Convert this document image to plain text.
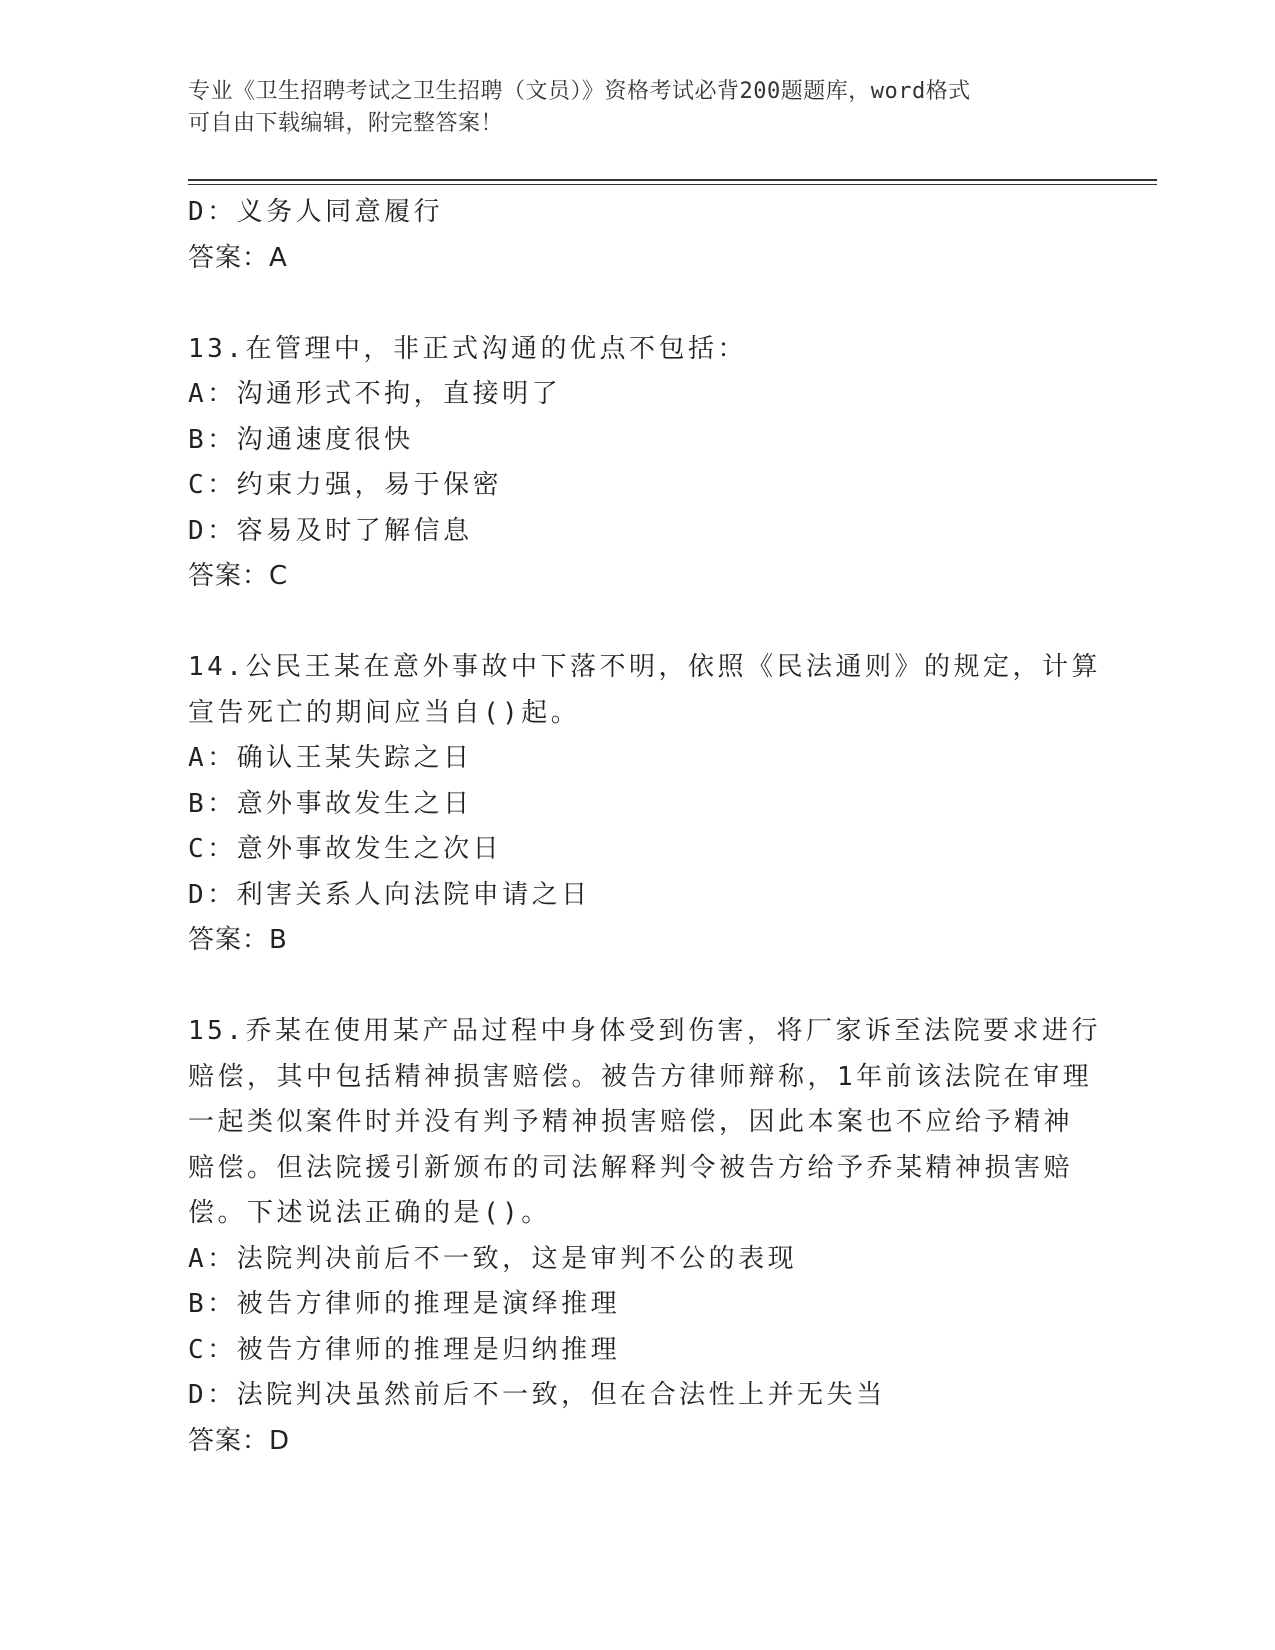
专业《卫生招聘考试之卫生招聘（文员）》资格考试必背200题题库，word格式
可自由下载编辑，附完整答案！
D：义务人同意履行
答案：A
13.在管理中，非正式沟通的优点不包括：
A：沟通形式不拘，直接明了
B：沟通速度很快
C：约束力强，易于保密
D：容易及时了解信息
答案：C
14.公民王某在意外事故中下落不明，依照《民法通则》的规定，计算
宣告死亡的期间应当自()起。
A：确认王某失踪之日
B：意外事故发生之日
C：意外事故发生之次日
D：利害关系人向法院申请之日
答案：B
15.乔某在使用某产品过程中身体受到伤害，将厂家诉至法院要求进行
赔偿，其中包括精神损害赔偿。被告方律师辩称，1年前该法院在审理
一起类似案件时并没有判予精神损害赔偿，因此本案也不应给予精神
赔偿。但法院援引新颁布的司法解释判令被告方给予乔某精神损害赔
偿。下述说法正确的是()。
A：法院判决前后不一致，这是审判不公的表现
B：被告方律师的推理是演绎推理
C：被告方律师的推理是归纳推理
D：法院判决虽然前后不一致，但在合法性上并无失当
答案：D
